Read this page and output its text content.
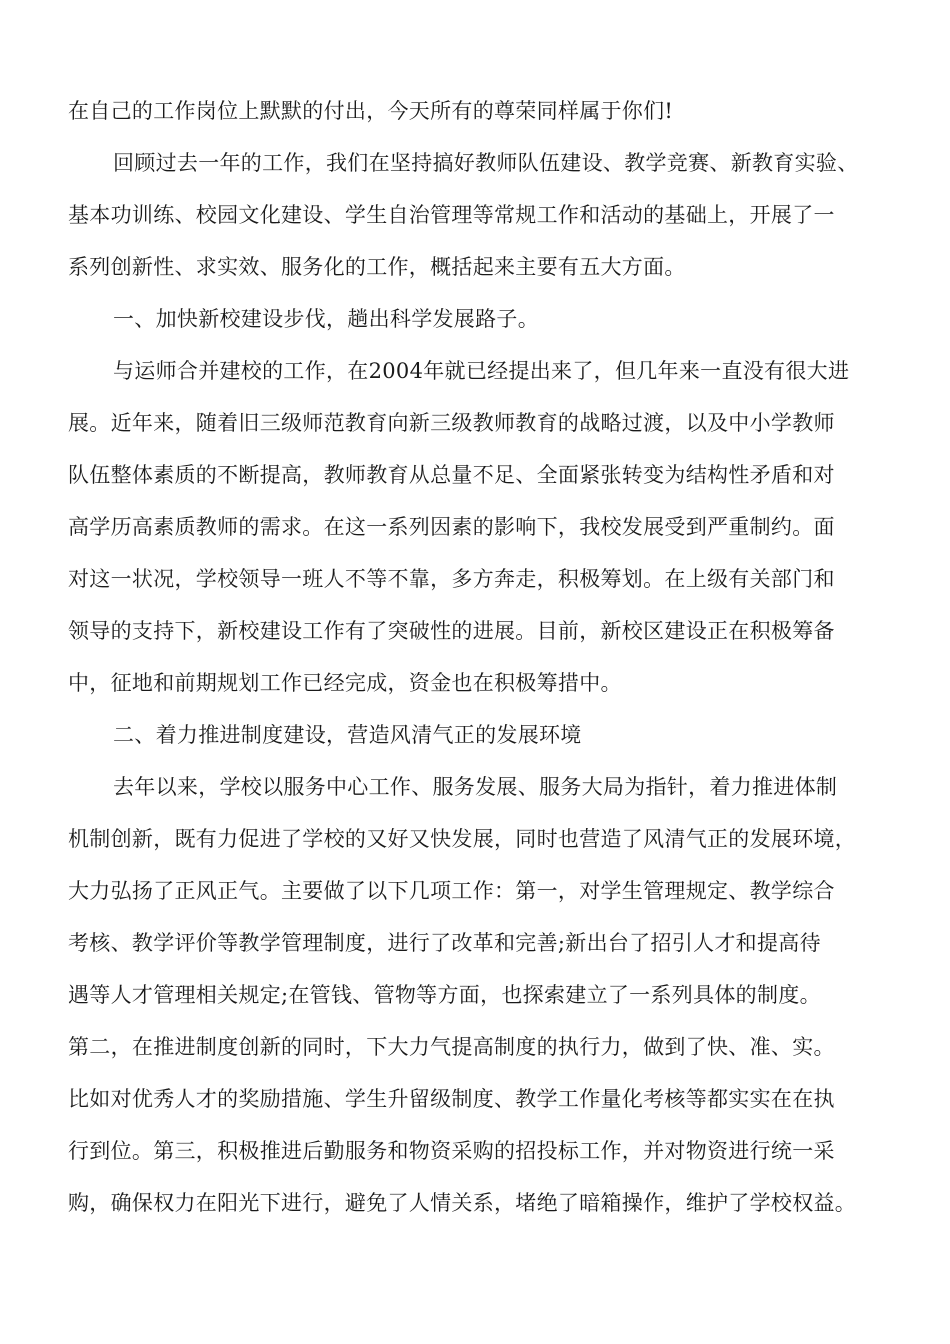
在自己的工作岗位上默默的付出，今天所有的尊荣同样属于你们!
回顾过去一年的工作，我们在坚持搞好教师队伍建设、教学竞赛、新教育实验、
基本功训练、校园文化建设、学生自治管理等常规工作和活动的基础上，开展了一
系列创新性、求实效、服务化的工作，概括起来主要有五大方面。
一、加快新校建设步伐，趟出科学发展路子。
与运师合并建校的工作，在2004年就已经提出来了，但几年来一直没有很大进
展。近年来，随着旧三级师范教育向新三级教师教育的战略过渡，以及中小学教师
队伍整体素质的不断提高，教师教育从总量不足、全面紧张转变为结构性矛盾和对
高学历高素质教师的需求。在这一系列因素的影响下，我校发展受到严重制约。面
对这一状况，学校领导一班人不等不靠，多方奔走，积极筹划。在上级有关部门和
领导的支持下，新校建设工作有了突破性的进展。目前，新校区建设正在积极筹备
中，征地和前期规划工作已经完成，资金也在积极筹措中。
二、着力推进制度建设，营造风清气正的发展环境
去年以来，学校以服务中心工作、服务发展、服务大局为指针，着力推进体制
机制创新，既有力促进了学校的又好又快发展，同时也营造了风清气正的发展环境，
大力弘扬了正风正气。主要做了以下几项工作：第一，对学生管理规定、教学综合
考核、教学评价等教学管理制度，进行了改革和完善;新出台了招引人才和提高待
遇等人才管理相关规定;在管钱、管物等方面，也探索建立了一系列具体的制度。
第二，在推进制度创新的同时，下大力气提高制度的执行力，做到了快、准、实。
比如对优秀人才的奖励措施、学生升留级制度、教学工作量化考核等都实实在在执
行到位。第三，积极推进后勤服务和物资采购的招投标工作，并对物资进行统一采
购，确保权力在阳光下进行，避免了人情关系，堵绝了暗箱操作，维护了学校权益。
